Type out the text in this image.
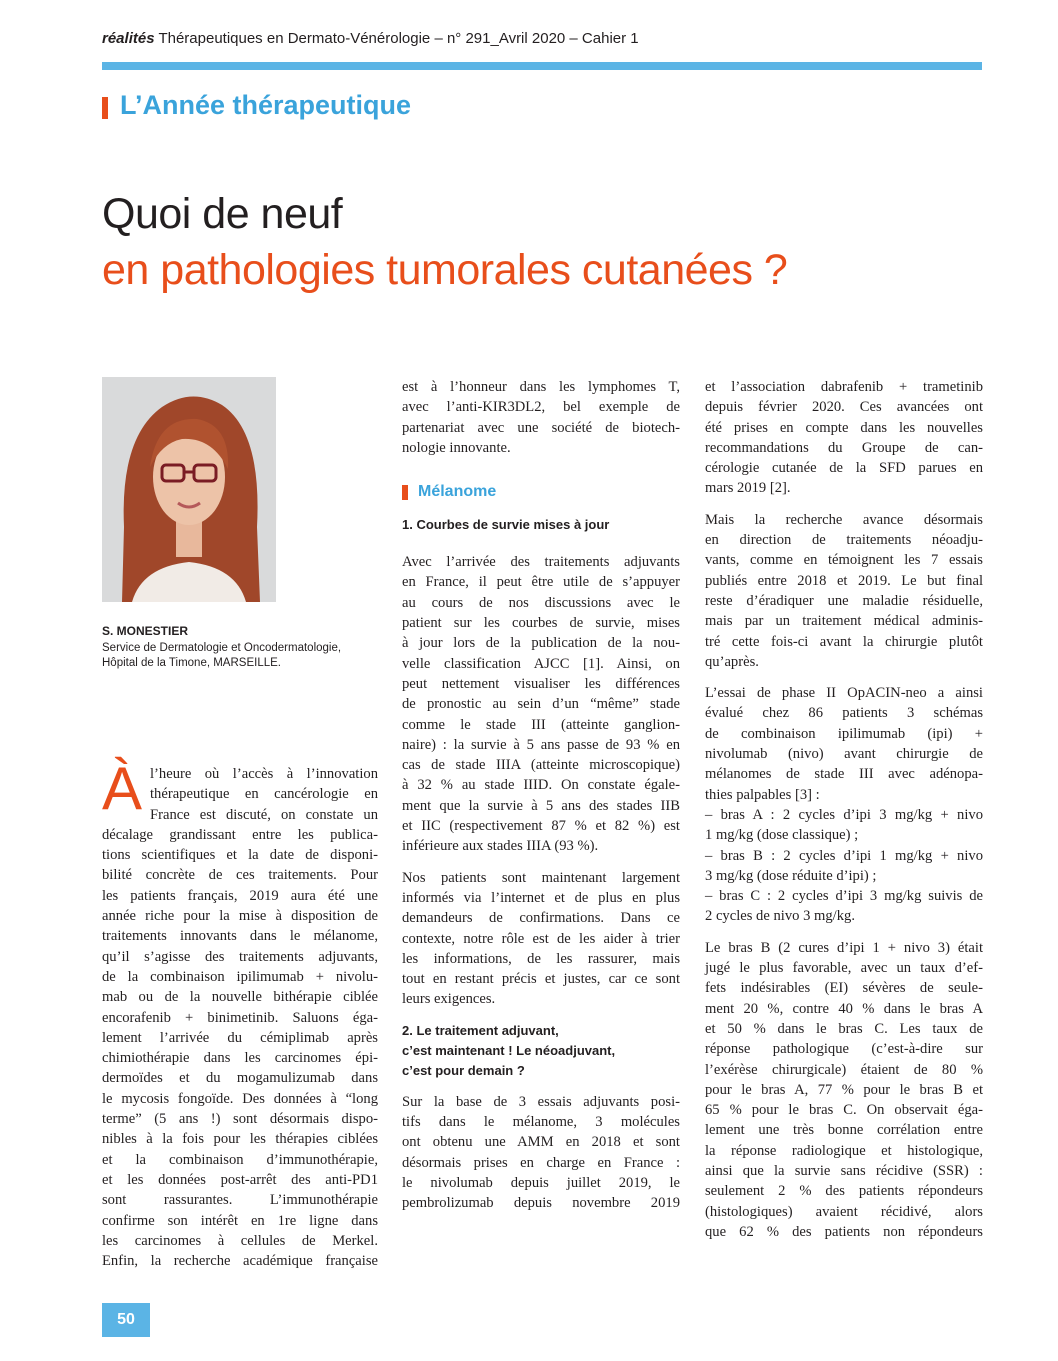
réalités Thérapeutiques en Dermato-Vénérologie – n° 291_Avril 2020 – Cahier 1
L’Année thérapeutique
Quoi de neuf
en pathologies tumorales cutanées ?
S. MONESTIER
Service de Dermatologie et Oncodermatologie,
Hôpital de la Timone, MARSEILLE.
À l’heure où l’accès à l’innovation
thérapeutique en cancérologie en
France est discuté, on constate un
décalage grandissant entre les publica-
tions scientifiques et la date de disponi-
bilité concrète de ces traitements. Pour
les patients français, 2019 aura été une
année riche pour la mise à disposition de
traitements innovants dans le mélanome,
qu’il s’agisse des traitements adjuvants,
de la combinaison ipilimumab + nivolu-
mab ou de la nouvelle bithérapie ciblée
encorafenib + binimetinib. Saluons éga-
lement l’arrivée du cémiplimab après
chimiothérapie dans les carcinomes épi-
dermoïdes et du mogamulizumab dans
le mycosis fongoïde. Des données à “long
terme” (5 ans !) sont désormais dispo-
nibles à la fois pour les thérapies ciblées
et la combinaison d’immunothérapie,
et les données post-arrêt des anti-PD1
sont rassurantes. L’immunothérapie
confirme son intérêt en 1re ligne dans
les carcinomes à cellules de Merkel.
Enfin, la recherche académique française
est à l’honneur dans les lymphomes T,
avec l’anti-KIR3DL2, bel exemple de
partenariat avec une société de biotech-
nologie innovante.
Mélanome
1. Courbes de survie mises à jour
Avec l’arrivée des traitements adjuvants
en France, il peut être utile de s’appuyer
au cours de nos discussions avec le
patient sur les courbes de survie, mises
à jour lors de la publication de la nou-
velle classification AJCC [1]. Ainsi, on
peut nettement visualiser les différences
de pronostic au sein d’un “même” stade
comme le stade III (atteinte ganglion-
naire) : la survie à 5 ans passe de 93 % en
cas de stade IIIA (atteinte microscopique)
à 32 % au stade IIID. On constate égale-
ment que la survie à 5 ans des stades IIB
et IIC (respectivement 87 % et 82 %) est
inférieure aux stades IIIA (93 %).
Nos patients sont maintenant largement
informés via l’internet et de plus en plus
demandeurs de confirmations. Dans ce
contexte, notre rôle est de les aider à trier
les informations, de les rassurer, mais
tout en restant précis et justes, car ce sont
leurs exigences.
2. Le traitement adjuvant,
c’est maintenant ! Le néoadjuvant,
c’est pour demain ?
Sur la base de 3 essais adjuvants posi-
tifs dans le mélanome, 3 molécules
ont obtenu une AMM en 2018 et sont
désormais prises en charge en France :
le nivolumab depuis juillet 2019, le
pembrolizumab depuis novembre 2019
et l’association dabrafenib + trametinib
depuis février 2020. Ces avancées ont
été prises en compte dans les nouvelles
recommandations du Groupe de can-
cérologie cutanée de la SFD parues en
mars 2019 [2].
Mais la recherche avance désormais
en direction de traitements néoadju-
vants, comme en témoignent les 7 essais
publiés entre 2018 et 2019. Le but final
reste d’éradiquer une maladie résiduelle,
mais par un traitement médical adminis-
tré cette fois-ci avant la chirurgie plutôt
qu’après.
L’essai de phase II OpACIN-neo a ainsi
évalué chez 86 patients 3 schémas
de combinaison ipilimumab (ipi) +
nivolumab (nivo) avant chirurgie de
mélanomes de stade III avec adénopa-
thies palpables [3] :
– bras A : 2 cycles d’ipi 3 mg/kg + nivo
1 mg/kg (dose classique) ;
– bras B : 2 cycles d’ipi 1 mg/kg + nivo
3 mg/kg (dose réduite d’ipi) ;
– bras C : 2 cycles d’ipi 3 mg/kg suivis de
2 cycles de nivo 3 mg/kg.
Le bras B (2 cures d’ipi 1 + nivo 3) était
jugé le plus favorable, avec un taux d’ef-
fets indésirables (EI) sévères de seule-
ment 20 %, contre 40 % dans le bras A
et 50 % dans le bras C. Les taux de
réponse pathologique (c’est-à-dire sur
l’exérèse chirurgicale) étaient de 80 %
pour le bras A, 77 % pour le bras B et
65 % pour le bras C. On observait éga-
lement une très bonne corrélation entre
la réponse radiologique et histologique,
ainsi que la survie sans récidive (SSR) :
seulement 2 % des patients répondeurs
(histologiques) avaient récidivé, alors
que 62 % des patients non répondeurs
50
